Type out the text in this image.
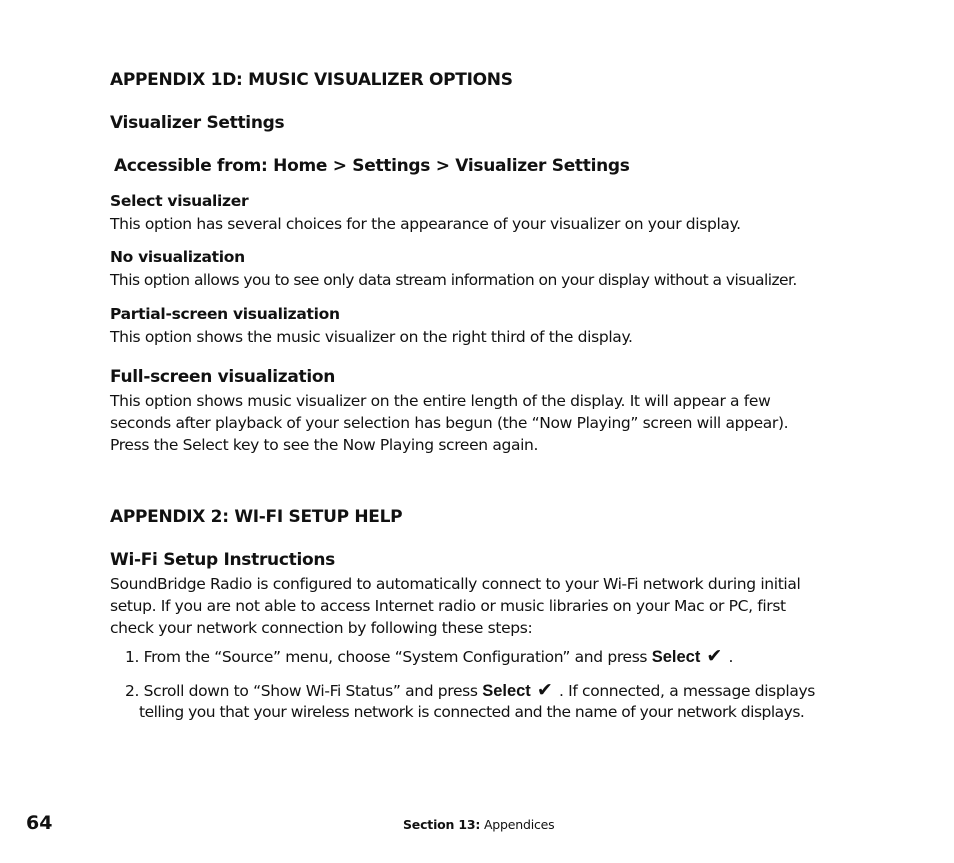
APPENDIX 1D: MUSIC VISUALIZER OPTIONS
Visualizer Settings
Accessible from: Home > Settings > Visualizer Settings
Select visualizer
This option has several choices for the appearance of your visualizer on your display.
No visualization
This option allows you to see only data stream information on your display without a visualizer.
Partial-screen visualization
This option shows the music visualizer on the right third of the display.
Full-screen visualization
This option shows music visualizer on the entire length of the display. It will appear a few
seconds after playback of your selection has begun (the “Now Playing” screen will appear).
Press the Select key to see the Now Playing screen again.
APPENDIX 2: WI-FI SETUP HELP
Wi-Fi Setup Instructions
SoundBridge Radio is configured to automatically connect to your Wi-Fi network during initial
setup. If you are not able to access Internet radio or music libraries on your Mac or PC, first
check your network connection by following these steps:
1. From the “Source” menu, choose “System Configuration” and press Select ✔ .
2. Scroll down to “Show Wi-Fi Status” and press Select ✔ . If connected, a message displays
telling you that your wireless network is connected and the name of your network displays.
64	Section 13: Appendices
